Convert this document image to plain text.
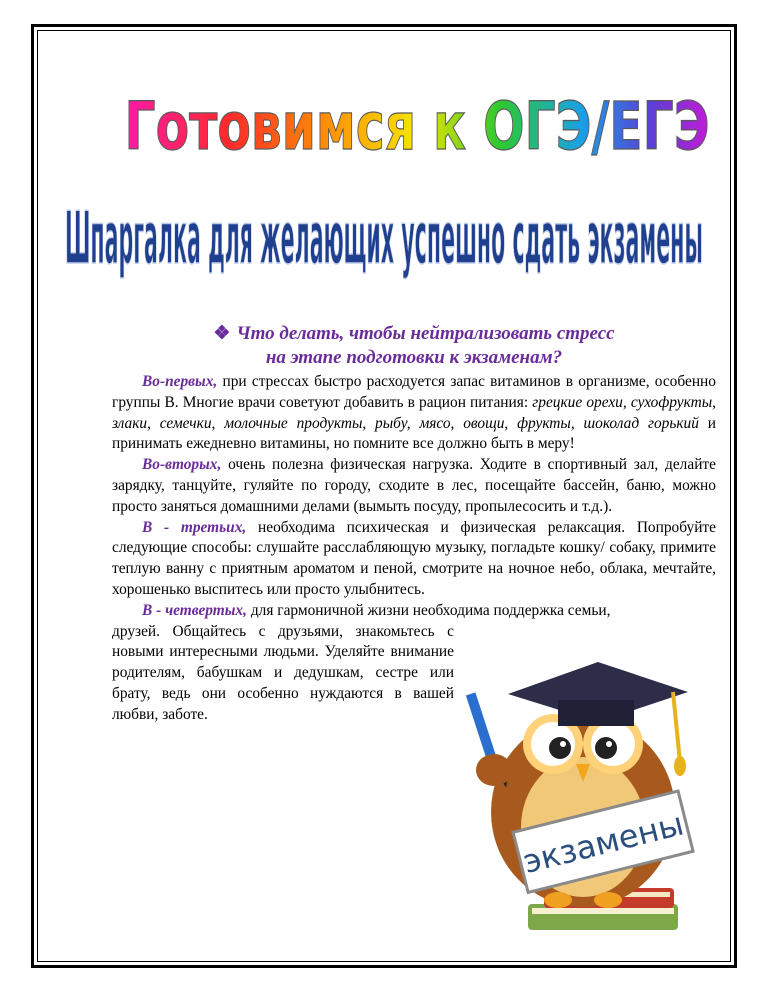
Готовимся к ОГЭ/ЕГЭ
Шпаргалка для желающих успешно сдать экзамены
❖ Что делать, чтобы нейтрализовать стресс
на этапе подготовки к экзаменам?

Во-первых, при стрессах быстро расходуется запас витаминов в организме, особенно группы В. Многие врачи советуют добавить в рацион питания: грецкие орехи, сухофрукты, злаки, семечки, молочные продукты, рыбу, мясо, овощи, фрукты, шоколад горький и принимать ежедневно витамины, но помните все должно быть в меру!

Во-вторых, очень полезна физическая нагрузка. Ходите в спортивный зал, делайте зарядку, танцуйте, гуляйте по городу, сходите в лес, посещайте бассейн, баню, можно просто заняться домашними делами (вымыть посуду, пропылесосить и т.д.).

В - третьих, необходима психическая и физическая релаксация. Попробуйте следующие способы: слушайте расслабляющую музыку, погладьте кошку/ собаку, примите теплую ванну с приятным ароматом и пеной, смотрите на ночное небо, облака, мечтайте, хорошенько выспитесь или просто улыбнитесь.

В - четвертых, для гармоничной жизни необходима поддержка семьи,

друзей. Общайтесь с друзьями, знакомьтесь с новыми интересными людьми. Уделяйте внимание родителям, бабушкам и дедушкам, сестре или брату, ведь они особенно нуждаются в вашей любви, заботе.

экзамены
